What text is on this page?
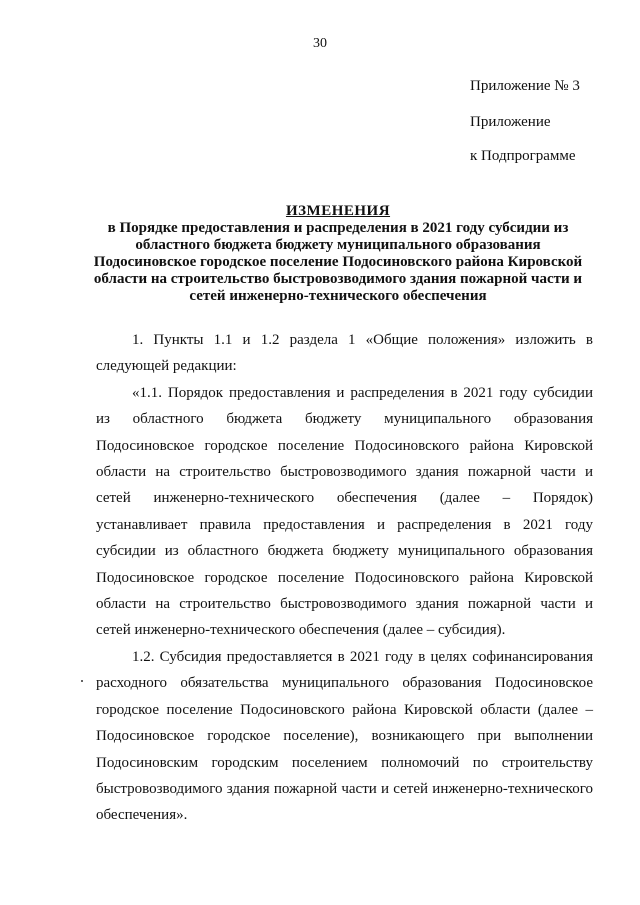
30
Приложение № 3
Приложение
к Подпрограмме
ИЗМЕНЕНИЯ
в Порядке предоставления и распределения в 2021 году субсидии из
областного бюджета бюджету муниципального образования
Подосиновское городское поселение Подосиновского района Кировской
области на строительство быстровозводимого здания пожарной части и
сетей инженерно-технического обеспечения

1. Пункты 1.1 и 1.2 раздела 1 «Общие положения» изложить в следующей редакции:

«1.1. Порядок предоставления и распределения в 2021 году субсидии из областного бюджета бюджету муниципального образования Подосиновское городское поселение Подосиновского района Кировской области на строительство быстровозводимого здания пожарной части и сетей инженерно-технического обеспечения (далее – Порядок) устанавливает правила предоставления и распределения в 2021 году субсидии из областного бюджета бюджету муниципального образования Подосиновское городское поселение Подосиновского района Кировской области на строительство быстровозводимого здания пожарной части и сетей инженерно-технического обеспечения (далее – субсидия).

1.2. Субсидия предоставляется в 2021 году в целях софинансирования расходного обязательства муниципального образования Подосиновское городское поселение Подосиновского района Кировской области (далее – Подосиновское городское поселение), возникающего при выполнении Подосиновским городским поселением полномочий по строительству быстровозводимого здания пожарной части и сетей инженерно-технического обеспечения».
